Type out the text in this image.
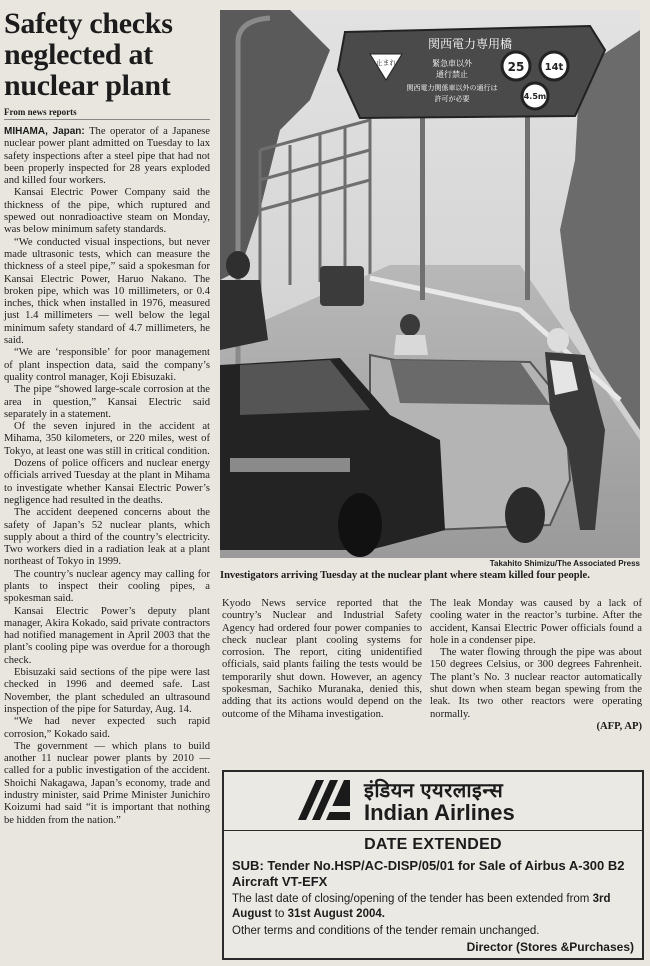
Safety checks neglected at nuclear plant
From news reports

MIHAMA, Japan: The operator of a Japanese nuclear power plant admitted on Tuesday to lax safety inspections after a steel pipe that had not been properly inspected for 28 years exploded and killed four workers.

Kansai Electric Power Company said the thickness of the pipe, which ruptured and spewed out nonradioactive steam on Monday, was below minimum safety standards.

“We conducted visual inspections, but never made ultrasonic tests, which can measure the thickness of a steel pipe,” said a spokesman for Kansai Electric Power, Haruo Nakano. The broken pipe, which was 10 millimeters, or 0.4 inches, thick when installed in 1976, measured just 1.4 millimeters — well below the legal minimum safety standard of 4.7 millimeters, he said.

“We are ‘responsible’ for poor management of plant inspection data, said the company’s quality control manager, Koji Ebisuzaki.

The pipe “showed large-scale corrosion at the area in question,” Kansai Electric said separately in a statement.

Of the seven injured in the accident at Mihama, 350 kilometers, or 220 miles, west of Tokyo, at least one was still in critical condition.

Dozens of police officers and nuclear energy officials arrived Tuesday at the plant in Mihama to investigate whether Kansai Electric Power’s negligence had resulted in the deaths.

The accident deepened concerns about the safety of Japan’s 52 nuclear plants, which supply about a third of the country’s electricity. Two workers died in a radiation leak at a plant northeast of Tokyo in 1999.

The country’s nuclear agency may calling for plants to inspect their cooling pipes, a spokesman said.

Kansai Electric Power’s deputy plant manager, Akira Kokado, said private contractors had notified management in April 2003 that the plant’s cooling pipe was overdue for a thorough check.

Ebisuzaki said sections of the pipe were last checked in 1996 and deemed safe. Last November, the plant scheduled an ultrasound inspection of the pipe for Saturday, Aug. 14.

“We had never expected such rapid corrosion,” Kokado said.

The government — which plans to build another 11 nuclear power plants by 2010 — called for a public investigation of the accident. Shoichi Nakagawa, Japan’s economy, trade and industry minister, said Prime Minister Junichiro Koizumi had said “it is important that nothing be hidden from the nation.”

関西電力専用橋
止まれ	緊急車以外
通行禁止
関西電力関係車以外の通行は
許可が必要
25 14t
4.5m
Takahito Shimizu/The Associated Press
Investigators arriving Tuesday at the nuclear plant where steam killed four people.

Kyodo News service reported that the country’s Nuclear and Industrial Safety Agency had ordered four power companies to check nuclear plant cooling systems for corrosion. The report, citing unidentified officials, said plants failing the tests would be temporarily shut down. However, an agency spokesman, Sachiko Muranaka, denied this, adding that its actions would depend on the outcome of the Mihama investigation.

The leak Monday was caused by a lack of cooling water in the reactor’s turbine. After the accident, Kansai Electric Power officials found a hole in a condenser pipe.

The water flowing through the pipe was about 150 degrees Celsius, or 300 degrees Fahrenheit. The plant’s No. 3 nuclear reactor automatically shut down when steam began spewing from the leak. Its two other reactors were operating normally.

(AFP, AP)
इंडियन एयरलाइन्स
Indian Airlines
DATE EXTENDED
SUB: Tender No.HSP/AC-DISP/05/01 for Sale of Airbus A-300 B2 Aircraft VT-EFX
The last date of closing/opening of the tender has been extended from 3rd August to 31st August 2004.
Other terms and conditions of the tender remain unchanged.
Director (Stores &Purchases)
